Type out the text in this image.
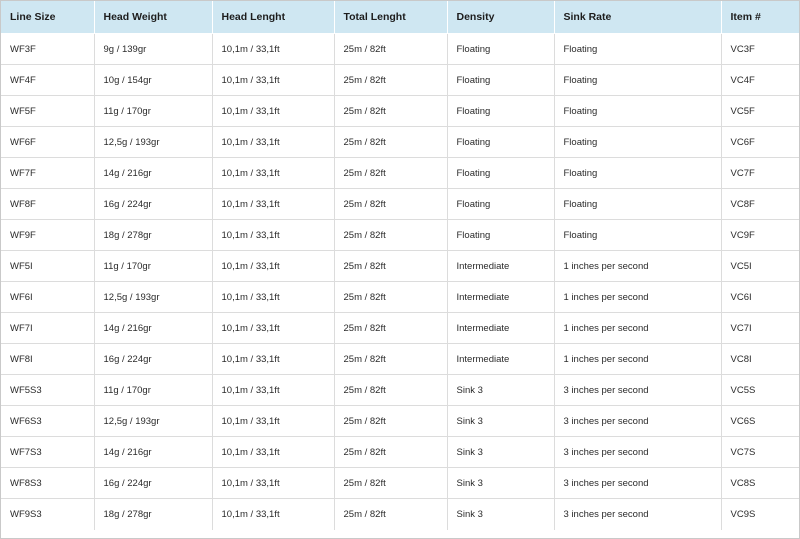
Line Size	Head Weight	Head Lenght	Total Lenght	Density	Sink Rate	Item #
WF3F	9g / 139gr	10,1m / 33,1ft	25m / 82ft	Floating	Floating	VC3F
WF4F	10g / 154gr	10,1m / 33,1ft	25m / 82ft	Floating	Floating	VC4F
WF5F	11g / 170gr	10,1m / 33,1ft	25m / 82ft	Floating	Floating	VC5F
WF6F	12,5g / 193gr	10,1m / 33,1ft	25m / 82ft	Floating	Floating	VC6F
WF7F	14g / 216gr	10,1m / 33,1ft	25m / 82ft	Floating	Floating	VC7F
WF8F	16g / 224gr	10,1m / 33,1ft	25m / 82ft	Floating	Floating	VC8F
WF9F	18g / 278gr	10,1m / 33,1ft	25m / 82ft	Floating	Floating	VC9F
WF5I	11g / 170gr	10,1m / 33,1ft	25m / 82ft	Intermediate	1 inches per second	VC5I
WF6I	12,5g / 193gr	10,1m / 33,1ft	25m / 82ft	Intermediate	1 inches per second	VC6I
WF7I	14g / 216gr	10,1m / 33,1ft	25m / 82ft	Intermediate	1 inches per second	VC7I
WF8I	16g / 224gr	10,1m / 33,1ft	25m / 82ft	Intermediate	1 inches per second	VC8I
WF5S3	11g / 170gr	10,1m / 33,1ft	25m / 82ft	Sink 3	3 inches per second	VC5S
WF6S3	12,5g / 193gr	10,1m / 33,1ft	25m / 82ft	Sink 3	3 inches per second	VC6S
WF7S3	14g / 216gr	10,1m / 33,1ft	25m / 82ft	Sink 3	3 inches per second	VC7S
WF8S3	16g / 224gr	10,1m / 33,1ft	25m / 82ft	Sink 3	3 inches per second	VC8S
WF9S3	18g / 278gr	10,1m / 33,1ft	25m / 82ft	Sink 3	3 inches per second	VC9S
